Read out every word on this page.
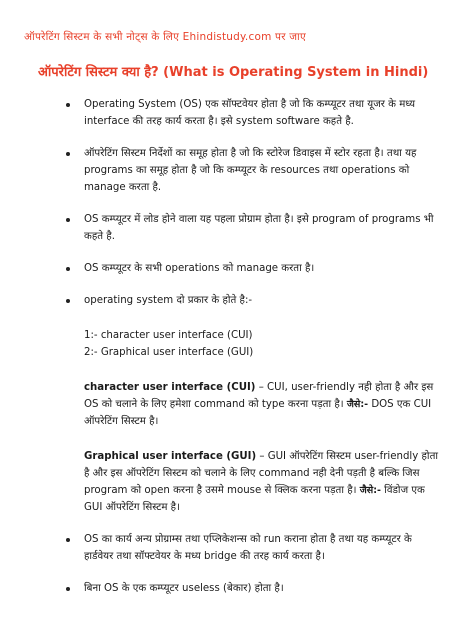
ऑपरेटिंग सिस्टम के सभी नोट्स के लिए Ehindistudy.com पर जाए
ऑपरेटिंग सिस्टम क्या है? (What is Operating System in Hindi)
Operating System (OS) एक सॉफ्टवेयर होता है जो कि कम्प्यूटर तथा यूजर के मध्य interface की तरह कार्य करता है। इसे system software कहते है.
ऑपरेटिंग सिस्टम निर्देशों का समूह होता है जो कि स्टोरेज डिवाइस में स्टोर रहता है। तथा यह programs का समूह होता है जो कि कम्प्यूटर के resources तथा operations को manage करता है.
OS कम्प्यूटर में लोड होने वाला यह पहला प्रोग्राम होता है। इसे program of programs भी कहते है.
OS कम्प्यूटर के सभी operations को manage करता है।
operating system दो प्रकार के होते है:-
1:- character user interface (CUI)
2:- Graphical user interface (GUI)
character user interface (CUI) – CUI, user-friendly नही होता है और इस OS को चलाने के लिए हमेशा command को type करना पड़ता है। जैसे:- DOS एक CUI ऑपरेटिंग सिस्टम है।
Graphical user interface (GUI) – GUI ऑपरेटिंग सिस्टम user-friendly होता है और इस ऑपरेटिंग सिस्टम को चलाने के लिए command नही देनी पड़ती है बल्कि जिस program को open करना है उसमे mouse से क्लिक करना पड़ता है। जैसे:- विंडोज एक GUI ऑपरेटिंग सिस्टम है।
OS का कार्य अन्य प्रोग्राम्स तथा एप्लिकेशन्स को run कराना होता है तथा यह कम्प्यूटर के हार्डवेयर तथा सॉफ्टवेयर के मध्य bridge की तरह कार्य करता है।
बिना OS के एक कम्प्यूटर useless (बेकार) होता है।
